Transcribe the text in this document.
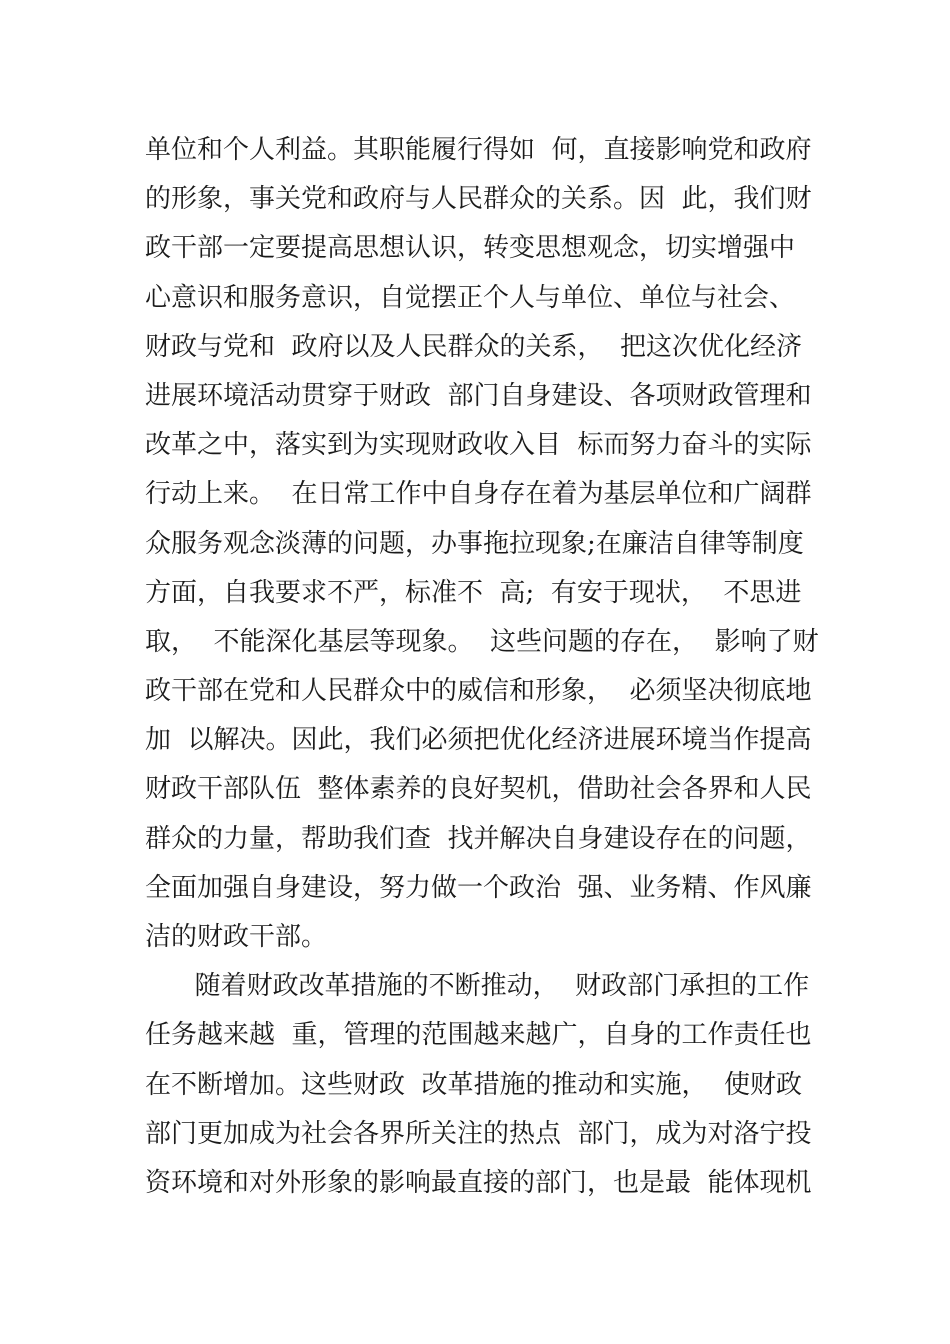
单位和个人利益。其职能履行得如  何，直接影响党和政府
的形象，事关党和政府与人民群众的关系。因  此，我们财
政干部一定要提高思想认识，转变思想观念，切实增强中
心意识和服务意识，自觉摆正个人与单位、单位与社会、
财政与党和  政府以及人民群众的关系，  把这次优化经济
进展环境活动贯穿于财政  部门自身建设、各项财政管理和
改革之中，落实到为实现财政收入目  标而努力奋斗的实际
行动上来。  在日常工作中自身存在着为基层单位和广阔群
众服务观念淡薄的问题，办事拖拉现象;在廉洁自律等制度
方面，自我要求不严，标准不  高;  有安于现状，  不思进
取，  不能深化基层等现象。  这些问题的存在，  影响了财
政干部在党和人民群众中的威信和形象，  必须坚决彻底地
加  以解决。因此，我们必须把优化经济进展环境当作提高
财政干部队伍  整体素养的良好契机，借助社会各界和人民
群众的力量，帮助我们查  找并解决自身建设存在的问题，
全面加强自身建设，努力做一个政治  强、业务精、作风廉
洁的财政干部。
随着财政改革措施的不断推动，  财政部门承担的工作
任务越来越  重，管理的范围越来越广，自身的工作责任也
在不断增加。这些财政  改革措施的推动和实施，  使财政
部门更加成为社会各界所关注的热点  部门，成为对洛宁投
资环境和对外形象的影响最直接的部门，也是最  能体现机
